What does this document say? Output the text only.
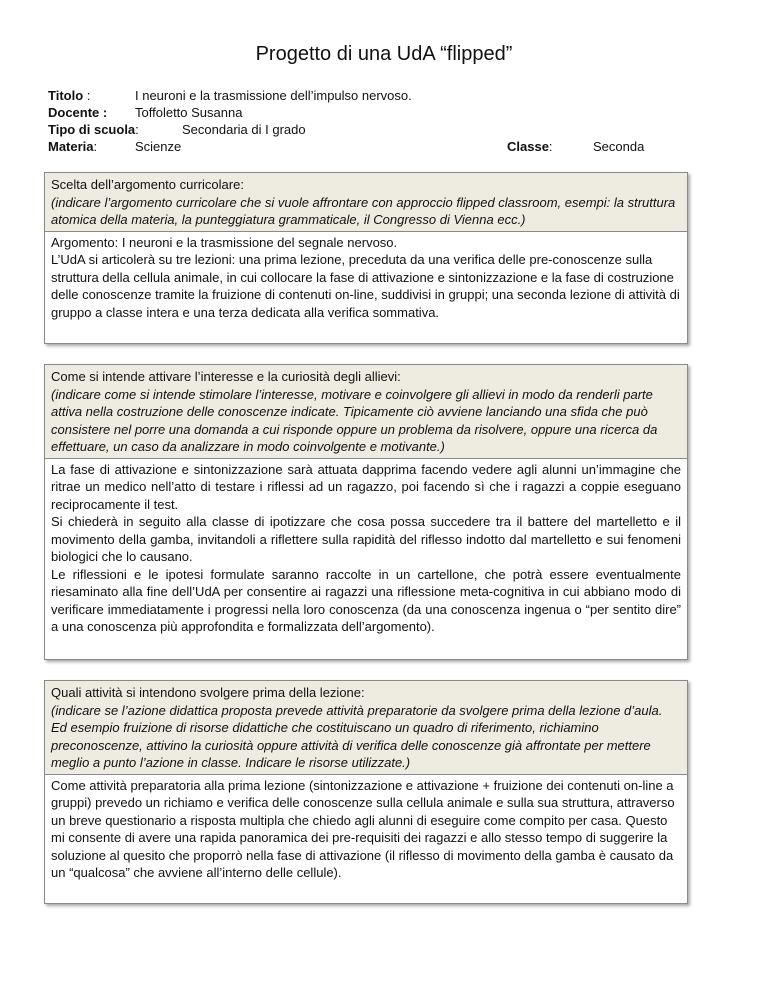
Progetto di una UdA “flipped”
Titolo :	I neuroni e la trasmissione dell’impulso nervoso.
Docente : Toffoletto Susanna
Tipo di scuola:	Secondaria di I grado
Materia:	Scienze	Classe:	Seconda
Scelta dell’argomento curricolare:
(indicare l’argomento curricolare che si vuole affrontare con approccio flipped classroom, esempi: la struttura atomica della materia, la punteggiatura grammaticale, il Congresso di Vienna ecc.)
Argomento: I neuroni e la trasmissione del segnale nervoso.
L’UdA si articolerà su tre lezioni: una prima lezione, preceduta da una verifica delle pre-conoscenze sulla struttura della cellula animale, in cui collocare la fase di attivazione e sintonizzazione e la fase di costruzione delle conoscenze tramite la fruizione di contenuti on-line, suddivisi in gruppi; una seconda lezione di attività di gruppo a classe intera e una terza dedicata alla verifica sommativa.
Come si intende attivare l’interesse e la curiosità degli allievi:
(indicare come si intende stimolare l’interesse, motivare e coinvolgere gli allievi in modo da renderli parte attiva nella costruzione delle conoscenze indicate. Tipicamente ciò avviene lanciando una sfida che può consistere nel porre una domanda a cui risponde oppure un problema da risolvere, oppure una ricerca da effettuare, un caso da analizzare in modo coinvolgente e motivante.)
La fase di attivazione e sintonizzazione sarà attuata dapprima facendo vedere agli alunni un’immagine che ritrae un medico nell’atto di testare i riflessi ad un ragazzo, poi facendo sì che i ragazzi a coppie eseguano reciprocamente il test.
Si chiederà in seguito alla classe di ipotizzare che cosa possa succedere tra il battere del martelletto e il movimento della gamba, invitandoli a riflettere sulla rapidità del riflesso indotto dal martelletto e sui fenomeni biologici che lo causano.
Le riflessioni e le ipotesi formulate saranno raccolte in un cartellone, che potrà essere eventualmente riesaminato alla fine dell’UdA per consentire ai ragazzi una riflessione meta-cognitiva in cui abbiano modo di verificare immediatamente i progressi nella loro conoscenza (da una conoscenza ingenua o “per sentito dire” a una conoscenza più approfondita e formalizzata dell’argomento).
Quali attività si intendono svolgere prima della lezione:
(indicare se l’azione didattica proposta prevede attività preparatorie da svolgere prima della lezione d’aula. Ed esempio fruizione di risorse didattiche che costituiscano un quadro di riferimento, richiamino preconoscenze, attivino la curiosità oppure attività di verifica delle conoscenze già affrontate per mettere meglio a punto l’azione in classe. Indicare le risorse utilizzate.)
Come attività preparatoria alla prima lezione (sintonizzazione e attivazione + fruizione dei contenuti on-line a gruppi) prevedo un richiamo e verifica delle conoscenze sulla cellula animale e sulla sua struttura, attraverso un breve questionario a risposta multipla che chiedo agli alunni di eseguire come compito per casa. Questo mi consente di avere una rapida panoramica dei pre-requisiti dei ragazzi e allo stesso tempo di suggerire la soluzione al quesito che proporrò nella fase di attivazione (il riflesso di movimento della gamba è causato da un “qualcosa” che avviene all’interno delle cellule).
